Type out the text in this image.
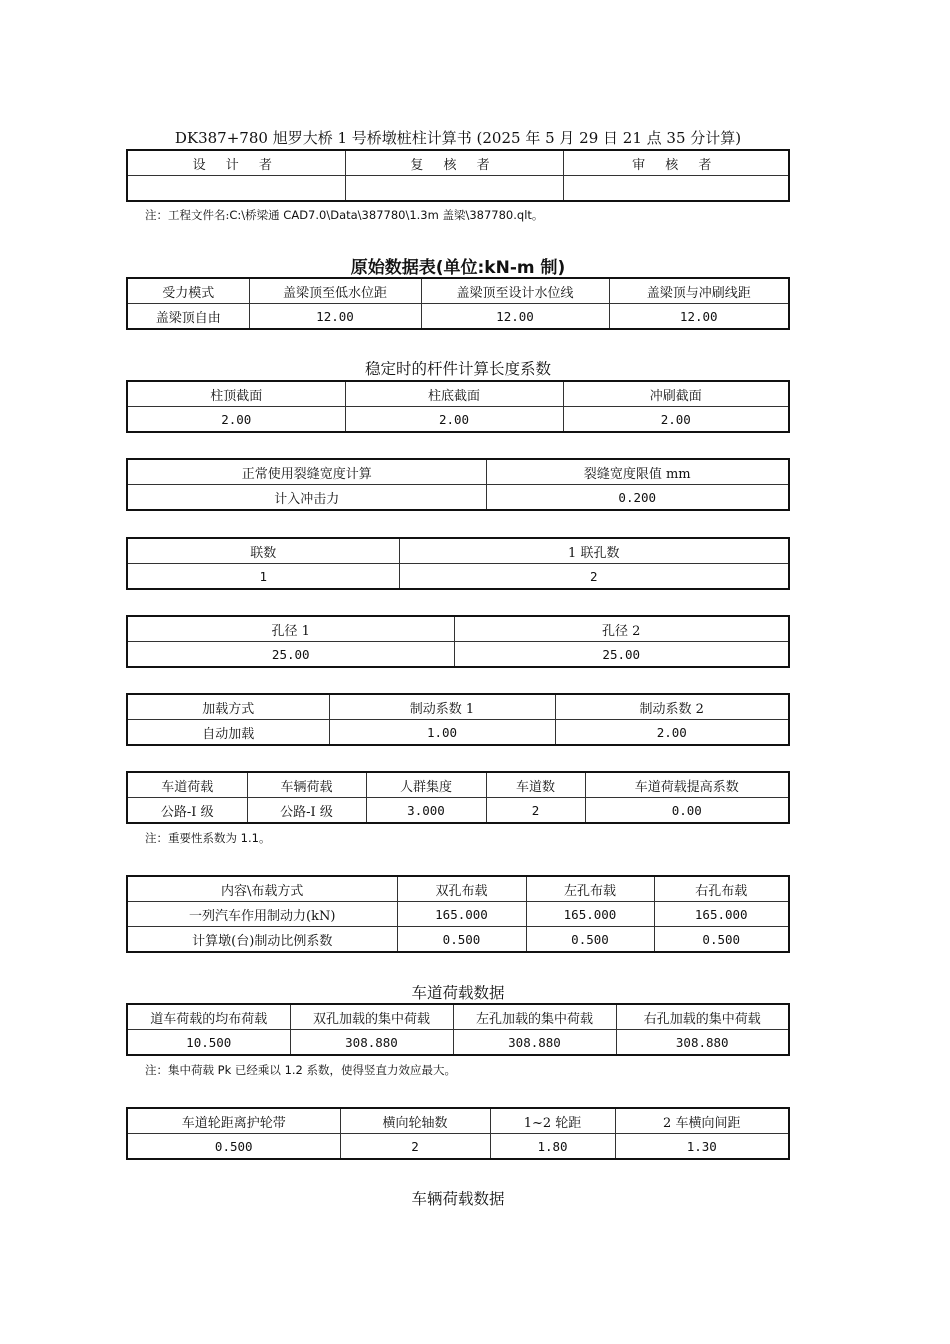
DK387+780 旭罗大桥 1 号桥墩桩柱计算书 (2025 年 5 月 29 日 21 点 35 分计算)
设 计 者	复 核 者	审 核 者

注：工程文件名:C:\桥梁通 CAD7.0\Data\387780\1.3m 盖梁\387780.qlt。
原始数据表(单位:kN-m 制)
受力模式	盖梁顶至低水位距	盖梁顶至设计水位线	盖梁顶与冲刷线距
盖梁顶自由	12.00	12.00	12.00
稳定时的杆件计算长度系数
柱顶截面	柱底截面	冲刷截面
2.00	2.00	2.00
正常使用裂缝宽度计算	裂缝宽度限值 mm
计入冲击力	0.200
联数	1 联孔数
1	2
孔径 1	孔径 2
25.00	25.00
加载方式	制动系数 1	制动系数 2
自动加载	1.00	2.00
车道荷载	车辆荷载	人群集度	车道数	车道荷载提高系数
公路-I 级	公路-I 级	3.000	2	0.00
注：重要性系数为 1.1。
内容\布载方式	双孔布载	左孔布载	右孔布载
一列汽车作用制动力(kN)	165.000	165.000	165.000
计算墩(台)制动比例系数	0.500	0.500	0.500
车道荷载数据
道车荷载的均布荷载	双孔加载的集中荷载	左孔加载的集中荷载	右孔加载的集中荷载
10.500	308.880	308.880	308.880
注：集中荷载 Pk 已经乘以 1.2 系数，使得竖直力效应最大。
车道轮距离护轮带	横向轮轴数	1~2 轮距	2 车横向间距
0.500	2	1.80	1.30
车辆荷载数据
